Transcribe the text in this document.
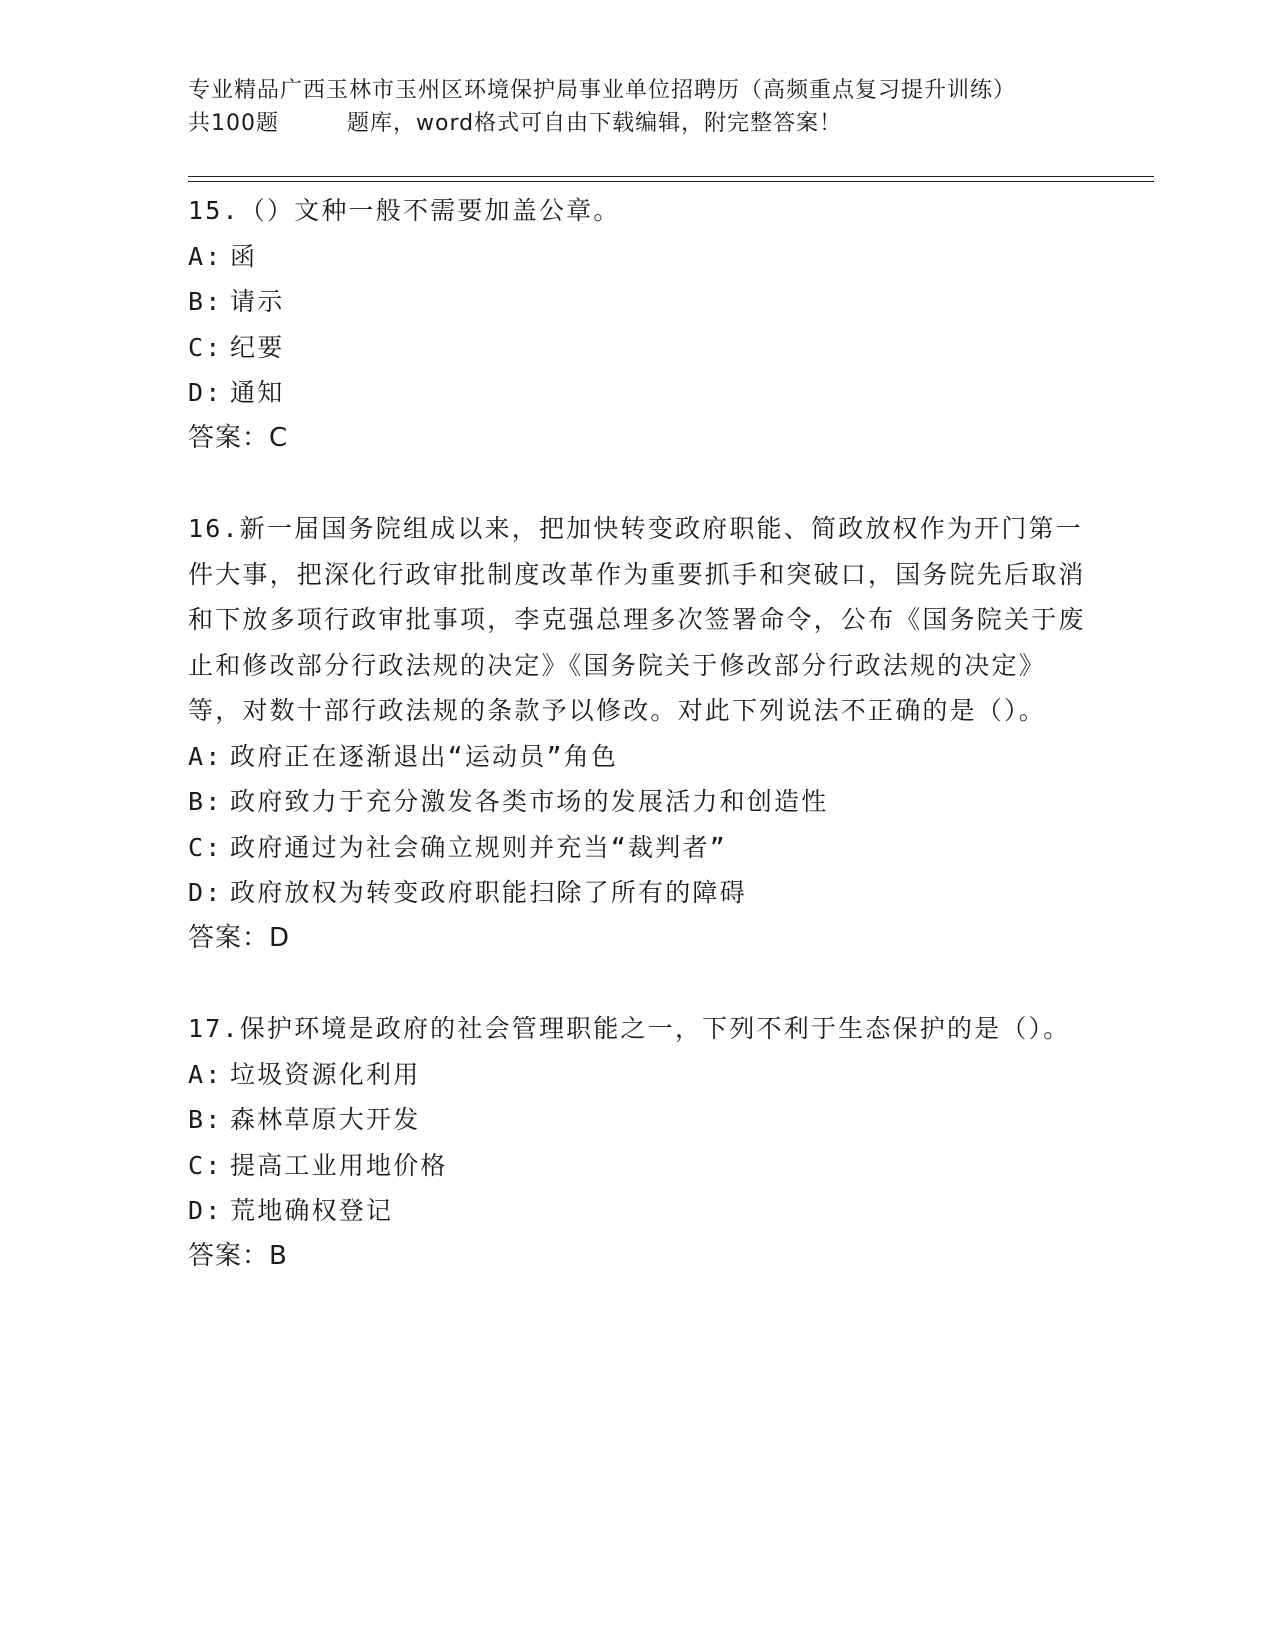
专业精品广西玉林市玉州区环境保护局事业单位招聘历（高频重点复习提升训练）
共100题	题库，word格式可自由下载编辑，附完整答案！

15.（）文种一般不需要加盖公章。

A: 函

B: 请示

C: 纪要

D: 通知

答案：C

16.新一届国务院组成以来，把加快转变政府职能、简政放权作为开门第一件大事，把深化行政审批制度改革作为重要抓手和突破口，国务院先后取消和下放多项行政审批事项，李克强总理多次签署命令，公布《国务院关于废止和修改部分行政法规的决定》《国务院关于修改部分行政法规的决定》等，对数十部行政法规的条款予以修改。对此下列说法不正确的是（）。

A: 政府正在逐渐退出“运动员”角色

B: 政府致力于充分激发各类市场的发展活力和创造性

C: 政府通过为社会确立规则并充当“裁判者”

D: 政府放权为转变政府职能扫除了所有的障碍

答案：D

17.保护环境是政府的社会管理职能之一，下列不利于生态保护的是（）。

A: 垃圾资源化利用

B: 森林草原大开发

C: 提高工业用地价格

D: 荒地确权登记

答案：B
